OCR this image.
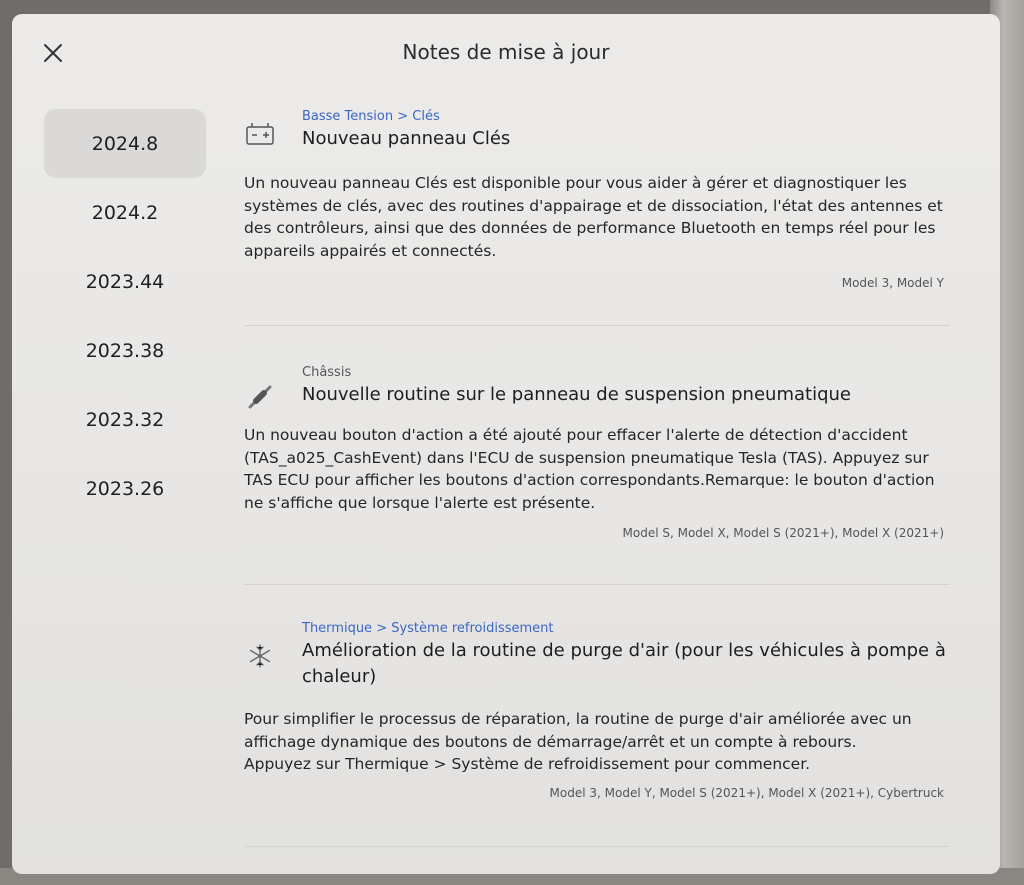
Notes de mise à jour
2024.8
2024.2
2023.44
2023.38
2023.32
2023.26
Basse Tension > Clés
Nouveau panneau Clés
Un nouveau panneau Clés est disponible pour vous aider à gérer et diagnostiquer les systèmes de clés, avec des routines d'appairage et de dissociation, l'état des antennes et des contrôleurs, ainsi que des données de performance Bluetooth en temps réel pour les appareils appairés et connectés.
Model 3, Model Y
Châssis
Nouvelle routine sur le panneau de suspension pneumatique
Un nouveau bouton d'action a été ajouté pour effacer l'alerte de détection d'accident (TAS_a025_CashEvent) dans l'ECU de suspension pneumatique Tesla (TAS). Appuyez sur TAS ECU pour afficher les boutons d'action correspondants.Remarque: le bouton d'action ne s'affiche que lorsque l'alerte est présente.
Model S, Model X, Model S (2021+), Model X (2021+)
Thermique > Système refroidissement
Amélioration de la routine de purge d'air (pour les véhicules à pompe à chaleur)
Pour simplifier le processus de réparation, la routine de purge d'air améliorée avec un affichage dynamique des boutons de démarrage/arrêt et un compte à rebours.
Appuyez sur Thermique > Système de refroidissement pour commencer.
Model 3, Model Y, Model S (2021+), Model X (2021+), Cybertruck
